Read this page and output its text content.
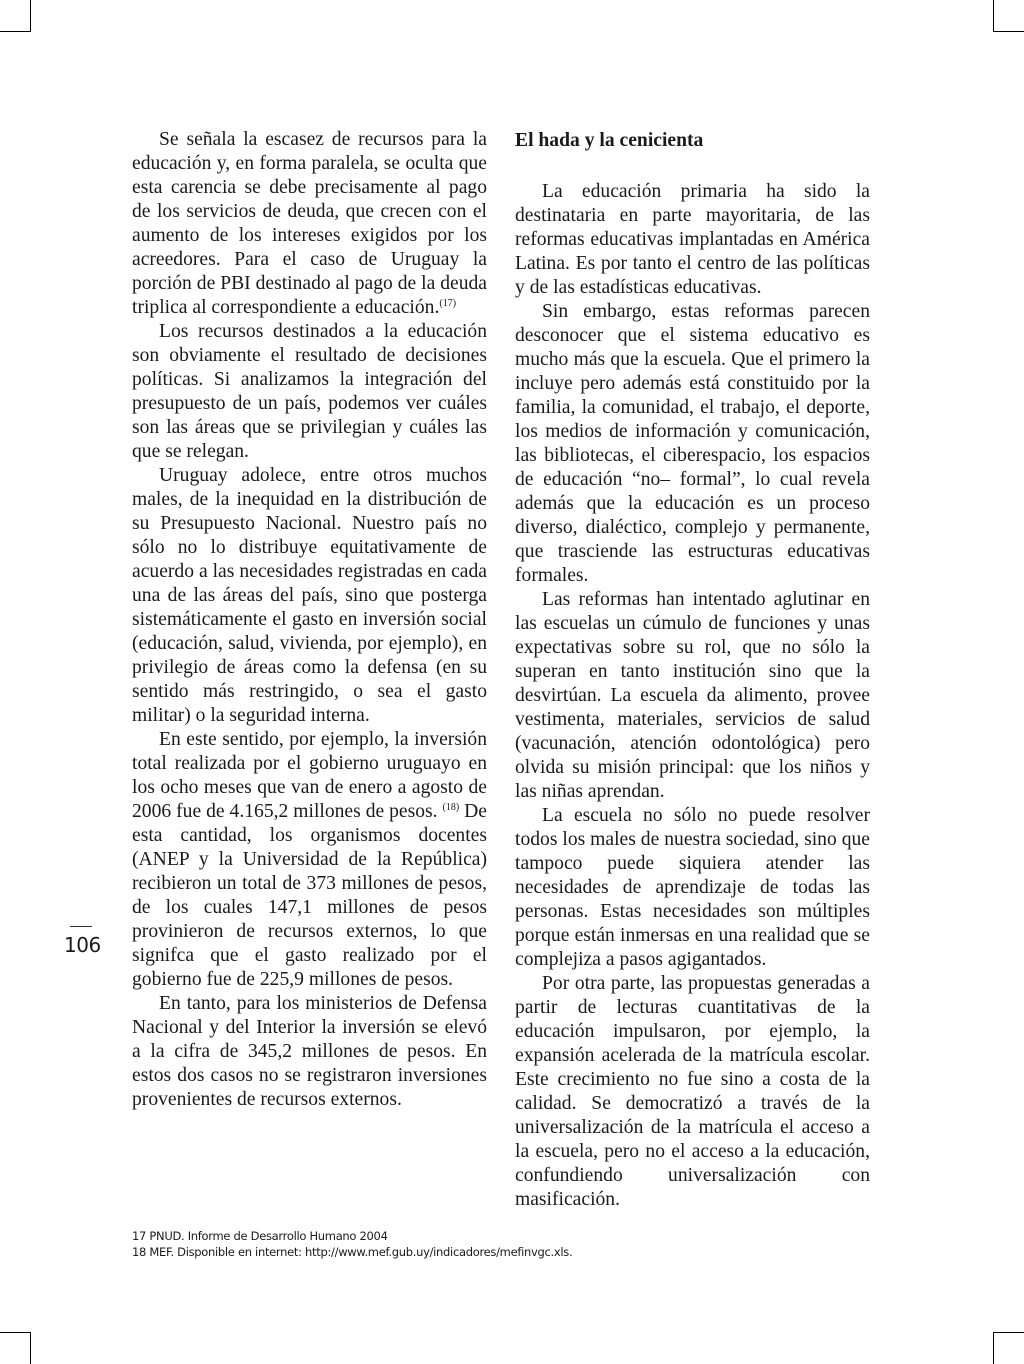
Se señala la escasez de recursos para la educación y, en forma paralela, se oculta que esta carencia se debe precisamente al pago de los servicios de deuda, que crecen con el aumento de los intereses exigidos por los acreedores. Para el caso de Uruguay la porción de PBI destinado al pago de la deuda triplica al correspondiente a educación.$^{(17)}$

Los recursos destinados a la educación son obviamente el resultado de decisiones políticas. Si analizamos la integración del presupuesto de un país, podemos ver cuáles son las áreas que se privilegian y cuáles las que se relegan.

Uruguay adolece, entre otros muchos males, de la inequidad en la distribución de su Presupuesto Nacional. Nuestro país no sólo no lo distribuye equitativamente de acuerdo a las necesidades registradas en cada una de las áreas del país, sino que posterga sistemáticamente el gasto en inversión social (educación, salud, vivienda, por ejemplo), en privilegio de áreas como la defensa (en su sentido más restringido, o sea el gasto militar) o la seguridad interna.

En este sentido, por ejemplo, la inversión total realizada por el gobierno uruguayo en los ocho meses que van de enero a agosto de 2006 fue de 4.165,2 millones de pesos. $^{(18)}$ De esta cantidad, los organismos docentes (ANEP y la Universidad de la República) recibieron un total de 373 millones de pesos, de los cuales 147,1 millones de pesos provinieron de recursos externos, lo que signifca que el gasto realizado por el gobierno fue de 225,9 millones de pesos.

En tanto, para los ministerios de Defensa Nacional y del Interior la inversión se elevó a la cifra de 345,2 millones de pesos. En estos dos casos no se registraron inversiones provenientes de recursos externos.

El hada y la cenicienta

La educación primaria ha sido la destinataria en parte mayoritaria, de las reformas educativas implantadas en América Latina. Es por tanto el centro de las políticas y de las estadísticas educativas.

Sin embargo, estas reformas parecen desconocer que el sistema educativo es mucho más que la escuela. Que el primero la incluye pero además está constituido por la familia, la comunidad, el trabajo, el deporte, los medios de información y comunicación, las bibliotecas, el ciberespacio, los espacios de educación “no– formal”, lo cual revela además que la educación es un proceso diverso, dialéctico, complejo y permanente, que trasciende las estructuras educativas formales.

Las reformas han intentado aglutinar en las escuelas un cúmulo de funciones y unas expectativas sobre su rol, que no sólo la superan en tanto institución sino que la desvirtúan. La escuela da alimento, provee vestimenta, materiales, servicios de salud (vacunación, atención odontológica) pero olvida su misión principal: que los niños y las niñas aprendan.

La escuela no sólo no puede resolver todos los males de nuestra sociedad, sino que tampoco puede siquiera atender las necesidades de aprendizaje de todas las personas. Estas necesidades son múltiples porque están inmersas en una realidad que se complejiza a pasos agigantados.

Por otra parte, las propuestas generadas a partir de lecturas cuantitativas de la educación impulsaron, por ejemplo, la expansión acelerada de la matrícula escolar. Este crecimiento no fue sino a costa de la calidad. Se democratizó a través de la universalización de la matrícula el acceso a la escuela, pero no el acceso a la educación, confundiendo universalización con masificación.

106
17 PNUD. Informe de Desarrollo Humano 2004
18 MEF. Disponible en internet: http://www.mef.gub.uy/indicadores/mefinvgc.xls.
